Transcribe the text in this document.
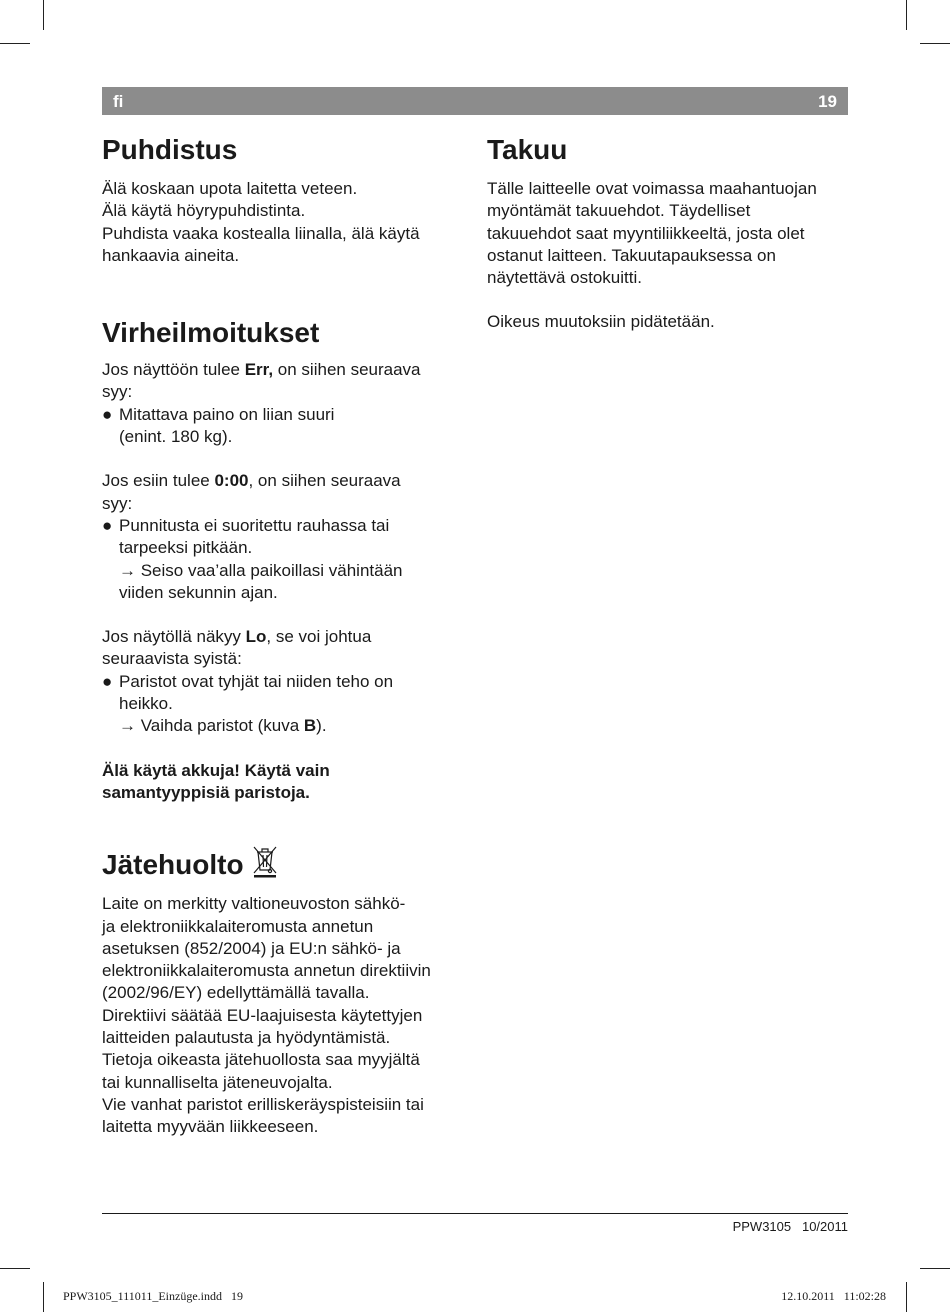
fi	19
Puhdistus

Älä koskaan upota laitetta veteen.

Älä käytä höyrypuhdistinta.

Puhdista vaaka kostealla liinalla, älä käytä

hankaavia aineita.

Virheilmoitukset

Jos näyttöön tulee Err, on siihen seuraava

syy:

● Mitattava paino on liian suuri
(enint. 180 kg).

Jos esiin tulee 0:00, on siihen seuraava

syy:

● Punnitusta ei suoritettu rauhassa tai
tarpeeksi pitkään.
→ Seiso vaa’alla paikoillasi vähintään
viiden sekunnin ajan.

Jos näytöllä näkyy Lo, se voi johtua

seuraavista syistä:

● Paristot ovat tyhjät tai niiden teho on
heikko.
→ Vaihda paristot (kuva B).

Älä käytä akkuja! Käytä vain

samantyyppisiä paristoja.

Jätehuolto

Laite on merkitty valtioneuvoston sähkö-

ja elektroniikkalaiteromusta annetun

asetuksen (852/2004) ja EU:n sähkö- ja

elektroniikkalaiteromusta annetun direktiivin

(2002/96/EY) edellyttämällä tavalla.

Direktiivi säätää EU-laajuisesta käytettyjen

laitteiden palautusta ja hyödyntämistä.

Tietoja oikeasta jätehuollosta saa myyjältä

tai kunnalliselta jäteneuvojalta.

Vie vanhat paristot erilliskeräyspisteisiin tai

laitetta myyvään liikkeeseen.

Takuu

Tälle laitteelle ovat voimassa maahantuojan

myöntämät takuuehdot. Täydelliset

takuuehdot saat myyntiliikkeeltä, josta olet

ostanut laitteen. Takuutapauksessa on

näytettävä ostokuitti.

Oikeus muutoksiin pidätetään.

PPW3105   10/2011
PPW3105_111011_Einzüge.indd   19	12.10.2011   11:02:28
